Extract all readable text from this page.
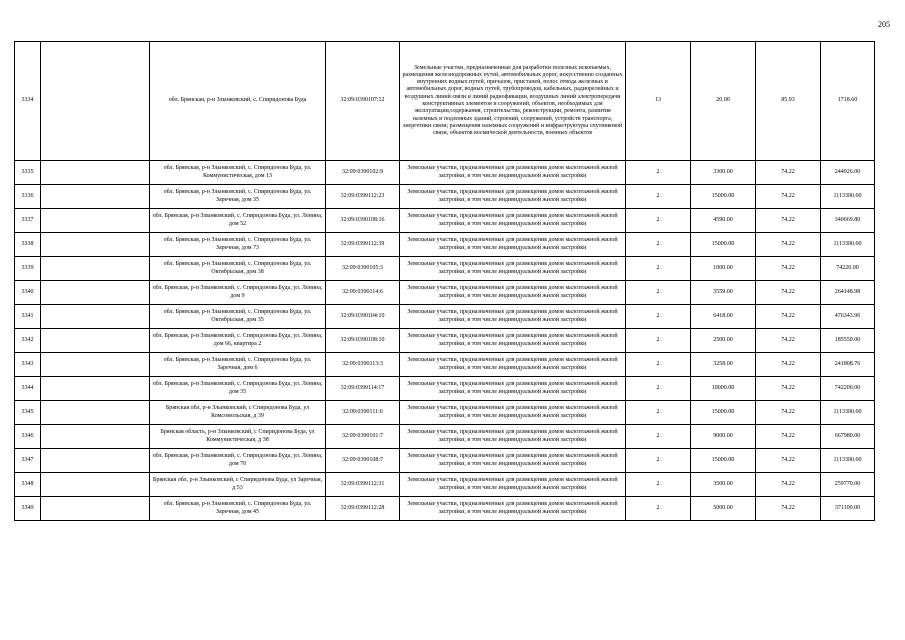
205
3334		обл. Брянская, р-н Злынковский, с. Спиридонова Буда	32:09:0390107:12	Земельные участки, предназначенные для разработки полезных ископаемых, размещения железнодорожных путей, автомобильных дорог, искусственно созданных внутренних водных путей, причалов, пристаней, полос отвода железных и автомобильных дорог, водных путей, трубопроводов, кабельных, радиорелейных и воздушных линий связи и линий радиофикации, воздушных линий электропередачи конструктивных элементов и сооружений, объектов, необходимых для эксплуатации,содержания, строительства, реконструкции, ремонта, развития наземных и подземных зданий, строений, сооружений, устройств транспорта, энергетики связи; размещения наземных сооружений и инфраструктуры спутниковой связи, объектов космической деятельности, военных объектов	13	20.00	85.93	1718.60
3335		обл. Брянская, р-н Злынковский, с. Спиридонова Буда, ул. Коммунистическая, дом 13	32:09:0390102:9	Земельные участки, предназначенные для размещения домов малоэтажной жилой застройки, в том числе индивидуальной жилой застройки	2	3300.00	74.22	244926.00
3336		обл. Брянская, р-н Злынковский, с. Спиридонова Буда, ул. Заречная, дом 35	32:09:0390112:23	Земельные участки, предназначенные для размещения домов малоэтажной жилой застройки, в том числе индивидуальной жилой застройки	2	15000.00	74.22	1113300.00
3337		обл. Брянская, р-н Злынковский, с. Спиридонова Буда, ул. Ленина, дом 52	32:09:0390108:16	Земельные участки, предназначенные для размещения домов малоэтажной жилой застройки, в том числе индивидуальной жилой застройки	2	4590.00	74.22	340669.80
3338		обл. Брянская, р-н Злынковский, с. Спиридонова Буда, ул. Заречная, дом 73	32:09:0390112:39	Земельные участки, предназначенные для размещения домов малоэтажной жилой застройки, в том числе индивидуальной жилой застройки	2	15000.00	74.22	1113300.00
3339		обл. Брянская, р-н Злынковский, с. Спиридонова Буда, ул. Октябрьская, дом 38	32:09:0390105:3	Земельные участки, предназначенные для размещения домов малоэтажной жилой застройки, в том числе индивидуальной жилой застройки	2	1000.00	74.22	74220.00
3340		обл. Брянская, р-н Злынковский, с. Спиридонова Буда, ул. Ленина, дом 9	32:09:0390114:6	Земельные участки, предназначенные для размещения домов малоэтажной жилой застройки, в том числе индивидуальной жилой застройки	2	3559.00	74.22	264148.98
3341		обл. Брянская, р-н Злынковский, с. Спиридонова Буда, ул. Октябрьская, дом 35	32:09:0390104:10	Земельные участки, предназначенные для размещения домов малоэтажной жилой застройки, в том числе индивидуальной жилой застройки	2	6418.00	74.22	476343.96
3342		обл. Брянская, р-н Злынковский, с. Спиридонова Буда, ул. Ленина, дом 66, квартира 2	32:09:0390108:10	Земельные участки, предназначенные для размещения домов малоэтажной жилой застройки, в том числе индивидуальной жилой застройки	2	2500.00	74.22	185550.00
3343		обл. Брянская, р-н Злынковский, с. Спиридонова Буда, ул. Заречная, дом 6	32:09:0390113:3	Земельные участки, предназначенные для размещения домов малоэтажной жилой застройки, в том числе индивидуальной жилой застройки	2	3258.00	74.22	241808.76
3344		обл. Брянская, р-н Злынковский, с. Спиридонова Буда, ул. Ленина, дом 35	32:09:0390114:17	Земельные участки, предназначенные для размещения домов малоэтажной жилой застройки, в том числе индивидуальной жилой застройки	2	10000.00	74.22	742200.00
3345		Брянская обл, р-н Злынковский, с Спиридонова Буда, ул Комсомольская, д 39	32:09:0390111:6	Земельные участки, предназначенные для размещения домов малоэтажной жилой застройки, в том числе индивидуальной жилой застройки	2	15000.00	74.22	1113300.00
3346		Брянская область, р-н Злынковский, с Спиридонова Буда, ул Коммунистическая, д 38	32:09:0390101:7	Земельные участки, предназначенные для размещения домов малоэтажной жилой застройки, в том числе индивидуальной жилой застройки	2	9000.00	74.22	667980.00
3347		обл. Брянская, р-н Злынковский, с. Спиридонова Буда, ул. Ленина, дом 70	32:09:0390108:7	Земельные участки, предназначенные для размещения домов малоэтажной жилой застройки, в том числе индивидуальной жилой застройки	2	15000.00	74.22	1113300.00
3348		Брянская обл, р-н Злынковский, с Спиридонова Буда, ул Заречная, д 53	32:09:0390112:31	Земельные участки, предназначенные для размещения домов малоэтажной жилой застройки, в том числе индивидуальной жилой застройки	2	3500.00	74.22	259770.00
3349		обл. Брянская, р-н Злынковский, с. Спиридонова Буда, ул. Заречная, дом 45	32:09:0390112:28	Земельные участки, предназначенные для размещения домов малоэтажной жилой застройки, в том числе индивидуальной жилой застройки	2	5000.00	74.22	371100.00
